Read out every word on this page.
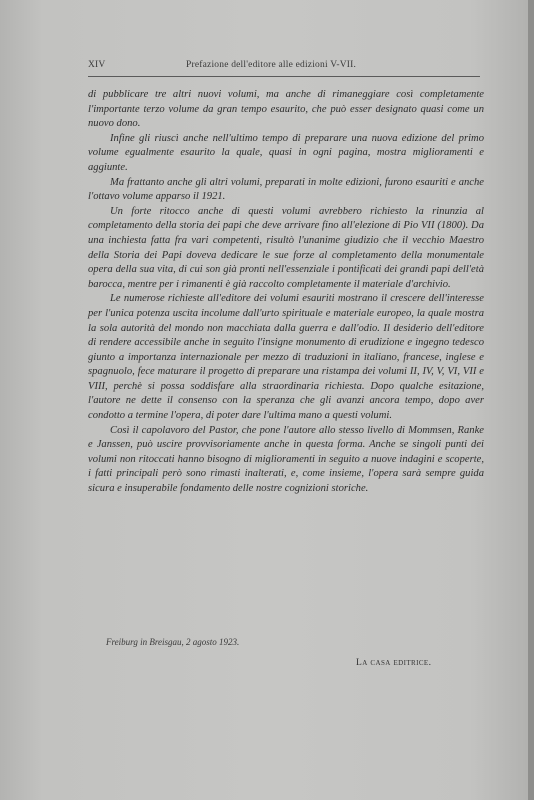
XIV	Prefazione dell'editore alle edizioni V-VII.

di pubblicare tre altri nuovi volumi, ma anche di rimaneggiare così completamente l'importante terzo volume da gran tempo esaurito, che può esser designato quasi come un nuovo dono.

Infine gli riuscì anche nell'ultimo tempo di preparare una nuova edizione del primo volume egualmente esaurito la quale, quasi in ogni pagina, mostra miglioramenti e aggiunte.

Ma frattanto anche gli altri volumi, preparati in molte edizioni, furono esauriti e anche l'ottavo volume apparso il 1921.

Un forte ritocco anche di questi volumi avrebbero richiesto la rinunzia al completamento della storia dei papi che deve arrivare fino all'elezione di Pio VII (1800). Da una inchiesta fatta fra vari competenti, risultò l'unanime giudizio che il vecchio Maestro della Storia dei Papi doveva dedicare le sue forze al completamento della monumentale opera della sua vita, di cui son già pronti nell'essenziale i pontificati dei grandi papi dell'età barocca, mentre per i rimanenti è già raccolto completamente il materiale d'archivio.

Le numerose richieste all'editore dei volumi esauriti mostrano il crescere dell'interesse per l'unica potenza uscita incolume dall'urto spirituale e materiale europeo, la quale mostra la sola autorità del mondo non macchiata dalla guerra e dall'odio. Il desiderio dell'editore di rendere accessibile anche in seguito l'insigne monumento di erudizione e ingegno tedesco giunto a importanza internazionale per mezzo di traduzioni in italiano, francese, inglese e spagnuolo, fece maturare il progetto di preparare una ristampa dei volumi II, IV, V, VI, VII e VIII, perchè si possa soddisfare alla straordinaria richiesta. Dopo qualche esitazione, l'autore ne dette il consenso con la speranza che gli avanzi ancora tempo, dopo aver condotto a termine l'opera, di poter dare l'ultima mano a questi volumi.

Così il capolavoro del Pastor, che pone l'autore allo stesso livello di Mommsen, Ranke e Janssen, può uscire provvisoriamente anche in questa forma. Anche se singoli punti dei volumi non ritoccati hanno bisogno di miglioramenti in seguito a nuove indagini e scoperte, i fatti principali però sono rimasti inalterati, e, come insieme, l'opera sarà sempre guida sicura e insuperabile fondamento delle nostre cognizioni storiche.

Freiburg in Breisgau, 2 agosto 1923.
La casa editrice.
